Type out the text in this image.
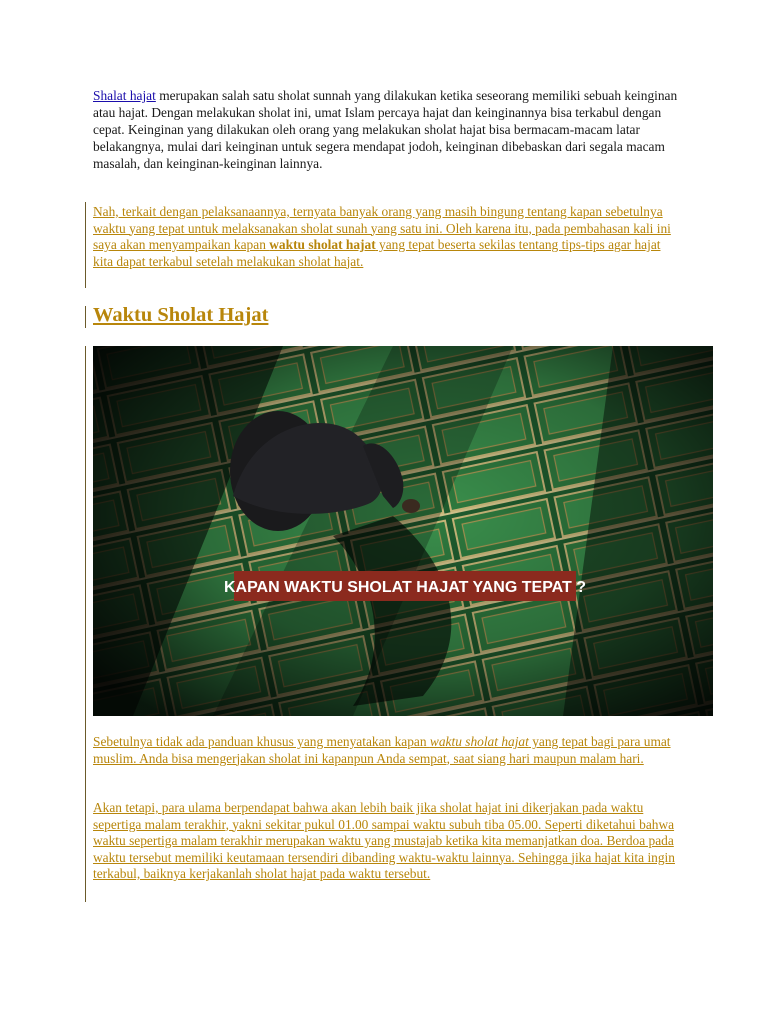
Shalat hajat merupakan salah satu sholat sunnah yang dilakukan ketika seseorang memiliki sebuah keinginan atau hajat. Dengan melakukan sholat ini, umat Islam percaya hajat dan keinginannya bisa terkabul dengan cepat. Keinginan yang dilakukan oleh orang yang melakukan sholat hajat bisa bermacam-macam latar belakangnya, mulai dari keinginan untuk segera mendapat jodoh, keinginan dibebaskan dari segala macam masalah, dan keinginan-keinginan lainnya.

Nah, terkait dengan pelaksanaannya, ternyata banyak orang yang masih bingung tentang kapan sebetulnya waktu yang tepat untuk melaksanakan sholat sunah yang satu ini. Oleh karena itu, pada pembahasan kali ini saya akan menyampaikan kapan waktu sholat hajat yang tepat beserta sekilas tentang tips-tips agar hajat kita dapat terkabul setelah melakukan sholat hajat.

Waktu Sholat Hajat
KAPAN WAKTU SHOLAT HAJAT YANG TEPAT ?

Sebetulnya tidak ada panduan khusus yang menyatakan kapan waktu sholat hajat yang tepat bagi para umat muslim. Anda bisa mengerjakan sholat ini kapanpun Anda sempat, saat siang hari maupun malam hari.

Akan tetapi, para ulama berpendapat bahwa akan lebih baik jika sholat hajat ini dikerjakan pada waktu sepertiga malam terakhir, yakni sekitar pukul 01.00 sampai waktu subuh tiba 05.00. Seperti diketahui bahwa waktu sepertiga malam terakhir merupakan waktu yang mustajab ketika kita memanjatkan doa. Berdoa pada waktu tersebut memiliki keutamaan tersendiri dibanding waktu-waktu lainnya. Sehingga jika hajat kita ingin terkabul, baiknya kerjakanlah sholat hajat pada waktu tersebut.
